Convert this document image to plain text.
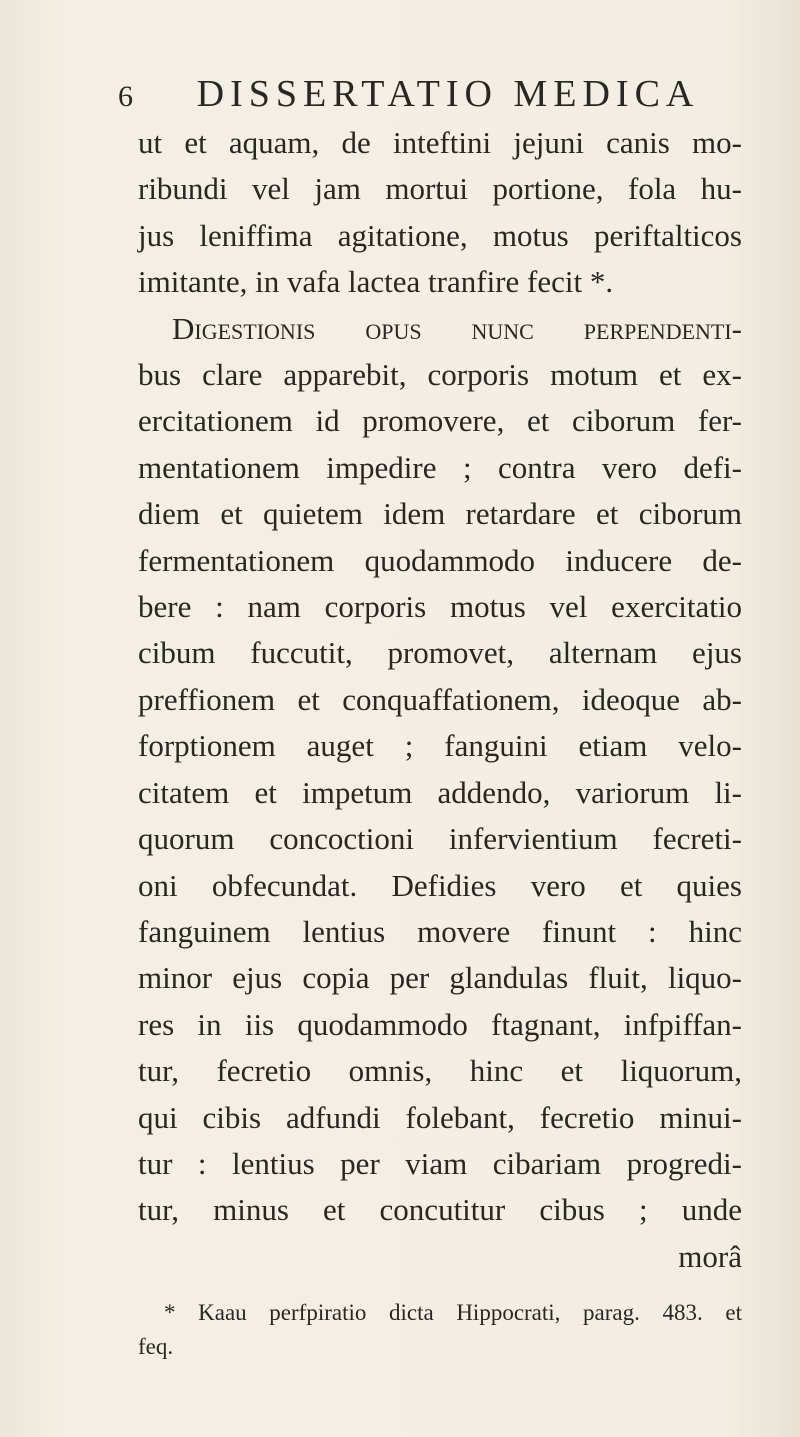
6	DISSERTATIO MEDICA
ut et aquam, de inteftini jejuni canis mo-
ribundi vel jam mortui portione, fola hu-
jus leniffima agitatione, motus periftalticos
imitante, in vafa lactea tranfire fecit *.
Digestionis opus nunc perpendenti-
bus clare apparebit, corporis motum et ex-
ercitationem id promovere, et ciborum fer-
mentationem impedire ; contra vero defi-
diem et quietem idem retardare et ciborum
fermentationem quodammodo inducere de-
bere : nam corporis motus vel exercitatio
cibum fuccutit, promovet, alternam ejus
preffionem et conquaffationem, ideoque ab-
forptionem auget ; fanguini etiam velo-
citatem et impetum addendo, variorum li-
quorum concoctioni infervientium fecreti-
oni obfecundat. Defidies vero et quies
fanguinem lentius movere finunt : hinc
minor ejus copia per glandulas fluit, liquo-
res in iis quodammodo ftagnant, infpiffan-
tur, fecretio omnis, hinc et liquorum,
qui cibis adfundi folebant, fecretio minui-
tur : lentius per viam cibariam progredi-
tur, minus et concutitur cibus ; unde
morâ
* Kaau perfpiratio dicta Hippocrati, parag. 483. et
feq.
